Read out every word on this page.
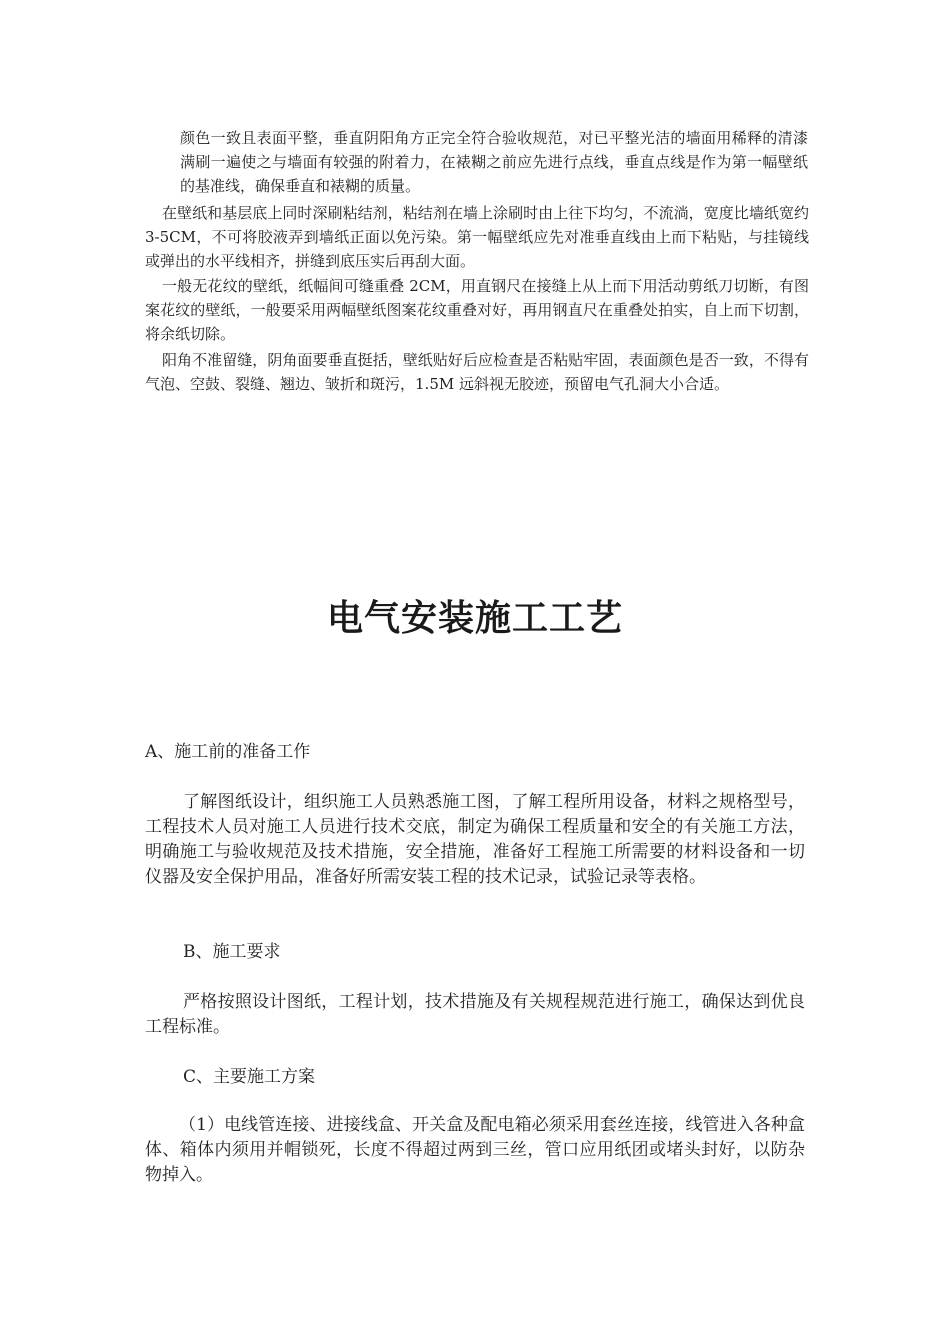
颜色一致且表面平整，垂直阴阳角方正完全符合验收规范，对已平整光洁的墙面用稀释的清漆满刷一遍使之与墙面有较强的附着力，在裱糊之前应先进行点线，垂直点线是作为第一幅壁纸的基准线，确保垂直和裱糊的质量。

在壁纸和基层底上同时深刷粘结剂，粘结剂在墙上涂刷时由上往下均匀，不流淌，宽度比墙纸宽约 3-5CM，不可将胶液弄到墙纸正面以免污染。第一幅壁纸应先对准垂直线由上而下粘贴，与挂镜线或弹出的水平线相齐，拼缝到底压实后再刮大面。

一般无花纹的壁纸，纸幅间可缝重叠 2CM，用直钢尺在接缝上从上而下用活动剪纸刀切断，有图案花纹的壁纸，一般要采用两幅壁纸图案花纹重叠对好，再用钢直尺在重叠处拍实，自上而下切割，将余纸切除。

阳角不准留缝，阴角面要垂直挺括，壁纸贴好后应检查是否粘贴牢固，表面颜色是否一致，不得有气泡、空鼓、裂缝、翘边、皱折和斑污，1.5M 远斜视无胶迹，预留电气孔洞大小合适。

电气安装施工工艺

A、施工前的准备工作

了解图纸设计，组织施工人员熟悉施工图，了解工程所用设备，材料之规格型号，工程技术人员对施工人员进行技术交底，制定为确保工程质量和安全的有关施工方法，明确施工与验收规范及技术措施，安全措施，准备好工程施工所需要的材料设备和一切仪器及安全保护用品，准备好所需安装工程的技术记录，试验记录等表格。

B、施工要求

严格按照设计图纸，工程计划，技术措施及有关规程规范进行施工，确保达到优良工程标准。

C、主要施工方案

（1）电线管连接、进接线盒、开关盒及配电箱必须采用套丝连接，线管进入各种盒体、箱体内须用并帽锁死，长度不得超过两到三丝，管口应用纸团或堵头封好，以防杂物掉入。
